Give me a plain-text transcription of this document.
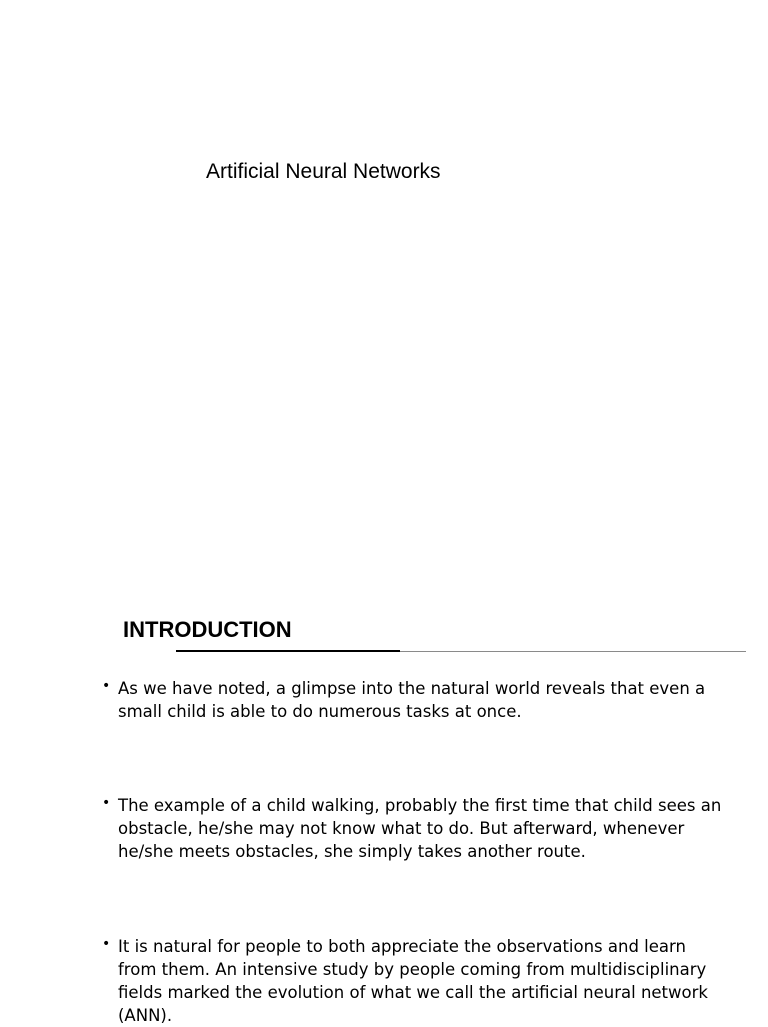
Artificial Neural Networks
INTRODUCTION
• As we have noted, a glimpse into the natural world reveals that even a
small child is able to do numerous tasks at once.
• The example of a child walking, probably the first time that child sees an
obstacle, he/she may not know what to do. But afterward, whenever
he/she meets obstacles, she simply takes another route.
• It is natural for people to both appreciate the observations and learn
from them. An intensive study by people coming from multidisciplinary
fields marked the evolution of what we call the artificial neural network
(ANN).
